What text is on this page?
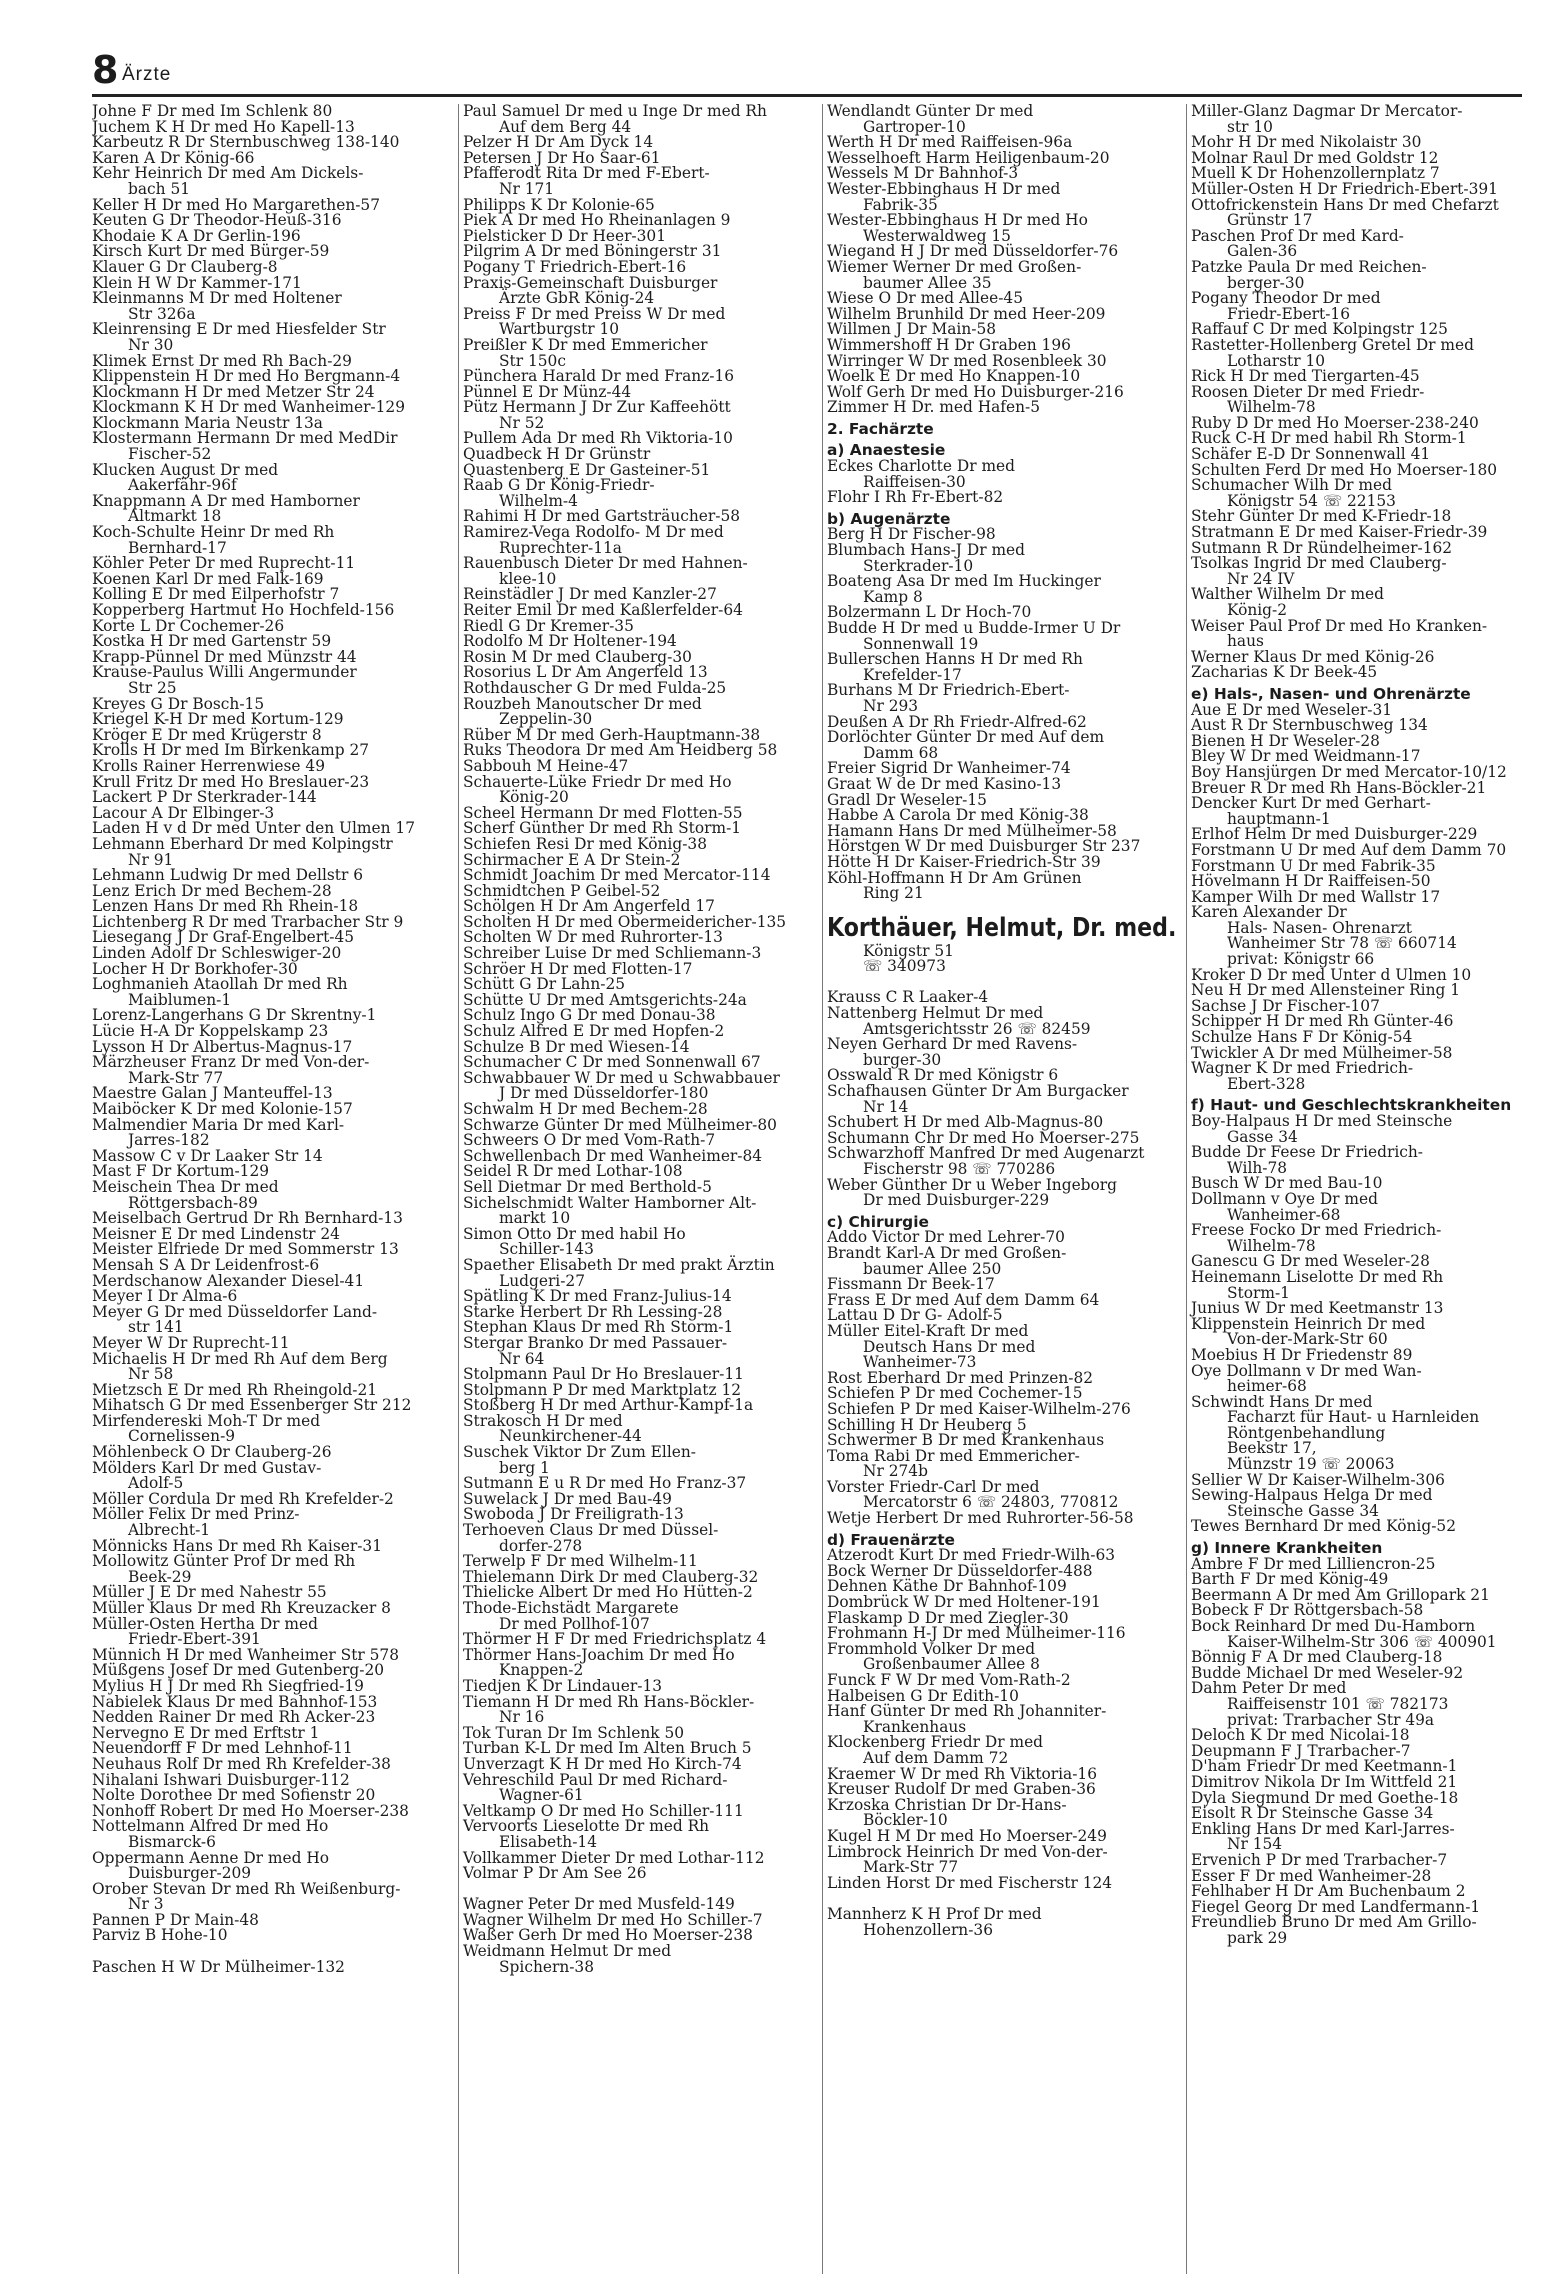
8 Ärzte
Johne F Dr med Im Schlenk 80
Juchem K H Dr med Ho Kapell-13
Karbeutz R Dr Sternbuschweg 138-140
Karen A Dr König-66
Kehr Heinrich Dr med Am Dickels-
bach 51
Keller H Dr med Ho Margarethen-57
Keuten G Dr Theodor-Heuß-316
Khodaie K A Dr Gerlin-196
Kirsch Kurt Dr med Bürger-59
Klauer G Dr Clauberg-8
Klein H W Dr Kammer-171
Kleinmanns M Dr med Holtener
Str 326a
Kleinrensing E Dr med Hiesfelder Str
Nr 30
Klimek Ernst Dr med Rh Bach-29
Klippenstein H Dr med Ho Bergmann-4
Klockmann H Dr med Metzer Str 24
Klockmann K H Dr med Wanheimer-129
Klockmann Maria Neustr 13a
Klostermann Hermann Dr med MedDir
Fischer-52
Klucken August Dr med
Aakerfähr-96f
Knappmann A Dr med Hamborner
Altmarkt 18
Koch-Schulte Heinr Dr med Rh
Bernhard-17
Köhler Peter Dr med Ruprecht-11
Koenen Karl Dr med Falk-169
Kolling E Dr med Eilperhofstr 7
Kopperberg Hartmut Ho Hochfeld-156
Korte L Dr Cochemer-26
Kostka H Dr med Gartenstr 59
Krapp-Pünnel Dr med Münzstr 44
Krause-Paulus Willi Angermunder
Str 25
Kreyes G Dr Bosch-15
Kriegel K-H Dr med Kortum-129
Kröger E Dr med Krügerstr 8
Krolls H Dr med Im Birkenkamp 27
Krolls Rainer Herrenwiese 49
Krull Fritz Dr med Ho Breslauer-23
Lackert P Dr Sterkrader-144
Lacour A Dr Elbinger-3
Laden H v d Dr med Unter den Ulmen 17
Lehmann Eberhard Dr med Kolpingstr
Nr 91
Lehmann Ludwig Dr med Dellstr 6
Lenz Erich Dr med Bechem-28
Lenzen Hans Dr med Rh Rhein-18
Lichtenberg R Dr med Trarbacher Str 9
Liesegang J Dr Graf-Engelbert-45
Linden Adolf Dr Schleswiger-20
Locher H Dr Borkhofer-30
Loghmanieh Ataollah Dr med Rh
Maiblumen-1
Lorenz-Langerhans G Dr Skrentny-1
Lücie H-A Dr Koppelskamp 23
Lysson H Dr Albertus-Magnus-17
Märzheuser Franz Dr med Von-der-
Mark-Str 77
Maestre Galan J Manteuffel-13
Maiböcker K Dr med Kolonie-157
Malmendier Maria Dr med Karl-
Jarres-182
Massow C v Dr Laaker Str 14
Mast F Dr Kortum-129
Meischein Thea Dr med
Röttgersbach-89
Meiselbach Gertrud Dr Rh Bernhard-13
Meisner E Dr med Lindenstr 24
Meister Elfriede Dr med Sommerstr 13
Mensah S A Dr Leidenfrost-6
Merdschanow Alexander Diesel-41
Meyer I Dr Alma-6
Meyer G Dr med Düsseldorfer Land-
str 141
Meyer W Dr Ruprecht-11
Michaelis H Dr med Rh Auf dem Berg
Nr 58
Mietzsch E Dr med Rh Rheingold-21
Mihatsch G Dr med Essenberger Str 212
Mirfendereski Moh-T Dr med
Cornelissen-9
Möhlenbeck O Dr Clauberg-26
Mölders Karl Dr med Gustav-
Adolf-5
Möller Cordula Dr med Rh Krefelder-2
Möller Felix Dr med Prinz-
Albrecht-1
Mönnicks Hans Dr med Rh Kaiser-31
Mollowitz Günter Prof Dr med Rh
Beek-29
Müller J E Dr med Nahestr 55
Müller Klaus Dr med Rh Kreuzacker 8
Müller-Osten Hertha Dr med
Friedr-Ebert-391
Münnich H Dr med Wanheimer Str 578
Müßgens Josef Dr med Gutenberg-20
Mylius H J Dr med Rh Siegfried-19
Nabielek Klaus Dr med Bahnhof-153
Nedden Rainer Dr med Rh Acker-23
Nervegno E Dr med Erftstr 1
Neuendorff F Dr med Lehnhof-11
Neuhaus Rolf Dr med Rh Krefelder-38
Nihalani Ishwari Duisburger-112
Nolte Dorothee Dr med Sofienstr 20
Nonhoff Robert Dr med Ho Moerser-238
Nottelmann Alfred Dr med Ho
Bismarck-6
Oppermann Aenne Dr med Ho
Duisburger-209
Orober Stevan Dr med Rh Weißenburg-
Nr 3
Pannen P Dr Main-48
Parviz B Hohe-10

Paschen H W Dr Mülheimer-132
Paul Samuel Dr med u Inge Dr med Rh
Auf dem Berg 44
Pelzer H Dr Am Dyck 14
Petersen J Dr Ho Saar-61
Pfafferodt Rita Dr med F-Ebert-
Nr 171
Philipps K Dr Kolonie-65
Piek A Dr med Ho Rheinanlagen 9
Pielsticker D Dr Heer-301
Pilgrim A Dr med Böningerstr 31
Pogany T Friedrich-Ebert-16
Praxis-Gemeinschaft Duisburger
Ärzte GbR König-24
Preiss F Dr med Preiss W Dr med
Wartburgstr 10
Preißler K Dr med Emmericher
Str 150c
Pünchera Harald Dr med Franz-16
Pünnel E Dr Münz-44
Pütz Hermann J Dr Zur Kaffeehött
Nr 52
Pullem Ada Dr med Rh Viktoria-10
Quadbeck H Dr Grünstr
Quastenberg E Dr Gasteiner-51
Raab G Dr König-Friedr-
Wilhelm-4
Rahimi H Dr med Gartsträucher-58
Ramirez-Vega Rodolfo- M Dr med
Ruprechter-11a
Rauenbusch Dieter Dr med Hahnen-
klee-10
Reinstädler J Dr med Kanzler-27
Reiter Emil Dr med Kaßlerfelder-64
Riedl G Dr Kremer-35
Rodolfo M Dr Holtener-194
Rosin M Dr med Clauberg-30
Rosorius L Dr Am Angerfeld 13
Rothdauscher G Dr med Fulda-25
Rouzbeh Manoutscher Dr med
Zeppelin-30
Rüber M Dr med Gerh-Hauptmann-38
Ruks Theodora Dr med Am Heidberg 58
Sabbouh M Heine-47
Schauerte-Lüke Friedr Dr med Ho
König-20
Scheel Hermann Dr med Flotten-55
Scherf Günther Dr med Rh Storm-1
Schiefen Resi Dr med König-38
Schirmacher E A Dr Stein-2
Schmidt Joachim Dr med Mercator-114
Schmidtchen P Geibel-52
Schölgen H Dr Am Angerfeld 17
Scholten H Dr med Obermeidericher-135
Scholten W Dr med Ruhrorter-13
Schreiber Luise Dr med Schliemann-3
Schröer H Dr med Flotten-17
Schütt G Dr Lahn-25
Schütte U Dr med Amtsgerichts-24a
Schulz Ingo G Dr med Donau-38
Schulz Alfred E Dr med Hopfen-2
Schulze B Dr med Wiesen-14
Schumacher C Dr med Sonnenwall 67
Schwabbauer W Dr med u Schwabbauer
J Dr med Düsseldorfer-180
Schwalm H Dr med Bechem-28
Schwarze Günter Dr med Mülheimer-80
Schweers O Dr med Vom-Rath-7
Schwellenbach Dr med Wanheimer-84
Seidel R Dr med Lothar-108
Sell Dietmar Dr med Berthold-5
Sichelschmidt Walter Hamborner Alt-
markt 10
Simon Otto Dr med habil Ho
Schiller-143
Spaether Elisabeth Dr med prakt Ärztin
Ludgeri-27
Spätling K Dr med Franz-Julius-14
Starke Herbert Dr Rh Lessing-28
Stephan Klaus Dr med Rh Storm-1
Stergar Branko Dr med Passauer-
Nr 64
Stolpmann Paul Dr Ho Breslauer-11
Stolpmann P Dr med Marktplatz 12
Stoßberg H Dr med Arthur-Kampf-1a
Strakosch H Dr med
Neunkirchener-44
Suschek Viktor Dr Zum Ellen-
berg 1
Sutmann E u R Dr med Ho Franz-37
Suwelack J Dr med Bau-49
Swoboda J Dr Freiligrath-13
Terhoeven Claus Dr med Düssel-
dorfer-278
Terwelp F Dr med Wilhelm-11
Thielemann Dirk Dr med Clauberg-32
Thielicke Albert Dr med Ho Hütten-2
Thode-Eichstädt Margarete
Dr med Pollhof-107
Thörmer H F Dr med Friedrichsplatz 4
Thörmer Hans-Joachim Dr med Ho
Knappen-2
Tiedjen K Dr Lindauer-13
Tiemann H Dr med Rh Hans-Böckler-
Nr 16
Tok Turan Dr Im Schlenk 50
Turban K-L Dr med Im Alten Bruch 5
Unverzagt K H Dr med Ho Kirch-74
Vehreschild Paul Dr med Richard-
Wagner-61
Veltkamp O Dr med Ho Schiller-111
Vervoorts Lieselotte Dr med Rh
Elisabeth-14
Vollkammer Dieter Dr med Lothar-112
Volmar P Dr Am See 26

Wagner Peter Dr med Musfeld-149
Wagner Wilhelm Dr med Ho Schiller-7
Waßer Gerh Dr med Ho Moerser-238
Weidmann Helmut Dr med
Spichern-38
Wendlandt Günter Dr med
Gartroper-10
Werth H Dr med Raiffeisen-96a
Wesselhoeft Harm Heiligenbaum-20
Wessels M Dr Bahnhof-3
Wester-Ebbinghaus H Dr med
Fabrik-35
Wester-Ebbinghaus H Dr med Ho
Westerwaldweg 15
Wiegand H J Dr med Düsseldorfer-76
Wiemer Werner Dr med Großen-
baumer Allee 35
Wiese O Dr med Allee-45
Wilhelm Brunhild Dr med Heer-209
Willmen J Dr Main-58
Wimmershoff H Dr Graben 196
Wirringer W Dr med Rosenbleek 30
Woelk E Dr med Ho Knappen-10
Wolf Gerh Dr med Ho Duisburger-216
Zimmer H Dr. med Hafen-5
2. Fachärzte
a) Anaestesie
Eckes Charlotte Dr med
Raiffeisen-30
Flohr I Rh Fr-Ebert-82
b) Augenärzte
Berg H Dr Fischer-98
Blumbach Hans-J Dr med
Sterkrader-10
Boateng Asa Dr med Im Huckinger
Kamp 8
Bolzermann L Dr Hoch-70
Budde H Dr med u Budde-Irmer U Dr
Sonnenwall 19
Bullerschen Hanns H Dr med Rh
Krefelder-17
Burhans M Dr Friedrich-Ebert-
Nr 293
Deußen A Dr Rh Friedr-Alfred-62
Dorlöchter Günter Dr med Auf dem
Damm 68
Freier Sigrid Dr Wanheimer-74
Graat W de Dr med Kasino-13
Gradl Dr Weseler-15
Habbe A Carola Dr med König-38
Hamann Hans Dr med Mülheimer-58
Hörstgen W Dr med Duisburger Str 237
Hötte H Dr Kaiser-Friedrich-Str 39
Köhl-Hoffmann H Dr Am Grünen
Ring 21
Korthäuer, Helmut, Dr. med.
Königstr 51
☏ 340973

Krauss C R Laaker-4
Nattenberg Helmut Dr med
Amtsgerichtsstr 26 ☏ 82459
Neyen Gerhard Dr med Ravens-
burger-30
Osswald R Dr med Königstr 6
Schafhausen Günter Dr Am Burgacker
Nr 14
Schubert H Dr med Alb-Magnus-80
Schumann Chr Dr med Ho Moerser-275
Schwarzhoff Manfred Dr med Augenarzt
Fischerstr 98 ☏ 770286
Weber Günther Dr u Weber Ingeborg
Dr med Duisburger-229
c) Chirurgie
Addo Victor Dr med Lehrer-70
Brandt Karl-A Dr med Großen-
baumer Allee 250
Fissmann Dr Beek-17
Frass E Dr med Auf dem Damm 64
Lattau D Dr G- Adolf-5
Müller Eitel-Kraft Dr med
Deutsch Hans Dr med
Wanheimer-73
Rost Eberhard Dr med Prinzen-82
Schiefen P Dr med Cochemer-15
Schiefen P Dr med Kaiser-Wilhelm-276
Schilling H Dr Heuberg 5
Schwermer B Dr med Krankenhaus
Toma Rabi Dr med Emmericher-
Nr 274b
Vorster Friedr-Carl Dr med
Mercatorstr 6 ☏ 24803, 770812
Wetje Herbert Dr med Ruhrorter-56-58
d) Frauenärzte
Atzerodt Kurt Dr med Friedr-Wilh-63
Bock Werner Dr Düsseldorfer-488
Dehnen Käthe Dr Bahnhof-109
Dombrück W Dr med Holtener-191
Flaskamp D Dr med Ziegler-30
Frohmann H-J Dr med Mülheimer-116
Frommhold Volker Dr med
Großenbaumer Allee 8
Funck F W Dr med Vom-Rath-2
Halbeisen G Dr Edith-10
Hanf Günter Dr med Rh Johanniter-
Krankenhaus
Klockenberg Friedr Dr med
Auf dem Damm 72
Kraemer W Dr med Rh Viktoria-16
Kreuser Rudolf Dr med Graben-36
Krzoska Christian Dr Dr-Hans-
Böckler-10
Kugel H M Dr med Ho Moerser-249
Limbrock Heinrich Dr med Von-der-
Mark-Str 77
Linden Horst Dr med Fischerstr 124

Mannherz K H Prof Dr med
Hohenzollern-36
Miller-Glanz Dagmar Dr Mercator-
str 10
Mohr H Dr med Nikolaistr 30
Molnar Raul Dr med Goldstr 12
Muell K Dr Hohenzollernplatz 7
Müller-Osten H Dr Friedrich-Ebert-391
Ottofrickenstein Hans Dr med Chefarzt
Grünstr 17
Paschen Prof Dr med Kard-
Galen-36
Patzke Paula Dr med Reichen-
berger-30
Pogany Theodor Dr med
Friedr-Ebert-16
Raffauf C Dr med Kolpingstr 125
Rastetter-Hollenberg Gretel Dr med
Lotharstr 10
Rick H Dr med Tiergarten-45
Roosen Dieter Dr med Friedr-
Wilhelm-78
Ruby D Dr med Ho Moerser-238-240
Ruck C-H Dr med habil Rh Storm-1
Schäfer E-D Dr Sonnenwall 41
Schulten Ferd Dr med Ho Moerser-180
Schumacher Wilh Dr med
Königstr 54 ☏ 22153
Stehr Günter Dr med K-Friedr-18
Stratmann E Dr med Kaiser-Friedr-39
Sutmann R Dr Ründelheimer-162
Tsolkas Ingrid Dr med Clauberg-
Nr 24 IV
Walther Wilhelm Dr med
König-2
Weiser Paul Prof Dr med Ho Kranken-
haus
Werner Klaus Dr med König-26
Zacharias K Dr Beek-45
e) Hals-, Nasen- und Ohrenärzte
Aue E Dr med Weseler-31
Aust R Dr Sternbuschweg 134
Bienen H Dr Weseler-28
Bley W Dr med Weidmann-17
Boy Hansjürgen Dr med Mercator-10/12
Breuer R Dr med Rh Hans-Böckler-21
Dencker Kurt Dr med Gerhart-
hauptmann-1
Erlhof Helm Dr med Duisburger-229
Forstmann U Dr med Auf dem Damm 70
Forstmann U Dr med Fabrik-35
Hövelmann H Dr Raiffeisen-50
Kamper Wilh Dr med Wallstr 17
Karen Alexander Dr
Hals- Nasen- Ohrenarzt
Wanheimer Str 78 ☏ 660714
privat: Königstr 66
Kroker D Dr med Unter d Ulmen 10
Neu H Dr med Allensteiner Ring 1
Sachse J Dr Fischer-107
Schipper H Dr med Rh Günter-46
Schulze Hans F Dr König-54
Twickler A Dr med Mülheimer-58
Wagner K Dr med Friedrich-
Ebert-328
f) Haut- und Geschlechtskrankheiten
Boy-Halpaus H Dr med Steinsche
Gasse 34
Budde Dr Feese Dr Friedrich-
Wilh-78
Busch W Dr med Bau-10
Dollmann v Oye Dr med
Wanheimer-68
Freese Focko Dr med Friedrich-
Wilhelm-78
Ganescu G Dr med Weseler-28
Heinemann Liselotte Dr med Rh
Storm-1
Junius W Dr med Keetmanstr 13
Klippenstein Heinrich Dr med
Von-der-Mark-Str 60
Moebius H Dr Friedenstr 89
Oye Dollmann v Dr med Wan-
heimer-68
Schwindt Hans Dr med
Facharzt für Haut- u Harnleiden
Röntgenbehandlung
Beekstr 17,
Münzstr 19 ☏ 20063
Sellier W Dr Kaiser-Wilhelm-306
Sewing-Halpaus Helga Dr med
Steinsche Gasse 34
Tewes Bernhard Dr med König-52
g) Innere Krankheiten
Ambre F Dr med Lilliencron-25
Barth F Dr med König-49
Beermann A Dr med Am Grillopark 21
Bobeck F Dr Röttgersbach-58
Bock Reinhard Dr med Du-Hamborn
Kaiser-Wilhelm-Str 306 ☏ 400901
Bönnig F A Dr med Clauberg-18
Budde Michael Dr med Weseler-92
Dahm Peter Dr med
Raiffeisenstr 101 ☏ 782173
privat: Trarbacher Str 49a
Deloch K Dr med Nicolai-18
Deupmann F J Trarbacher-7
D'ham Friedr Dr med Keetmann-1
Dimitrov Nikola Dr Im Wittfeld 21
Dyla Siegmund Dr med Goethe-18
Eisolt R Dr Steinsche Gasse 34
Enkling Hans Dr med Karl-Jarres-
Nr 154
Ervenich P Dr med Trarbacher-7
Esser F Dr med Wanheimer-28
Fehlhaber H Dr Am Buchenbaum 2
Fiegel Georg Dr med Landfermann-1
Freundlieb Bruno Dr med Am Grillo-
park 29
